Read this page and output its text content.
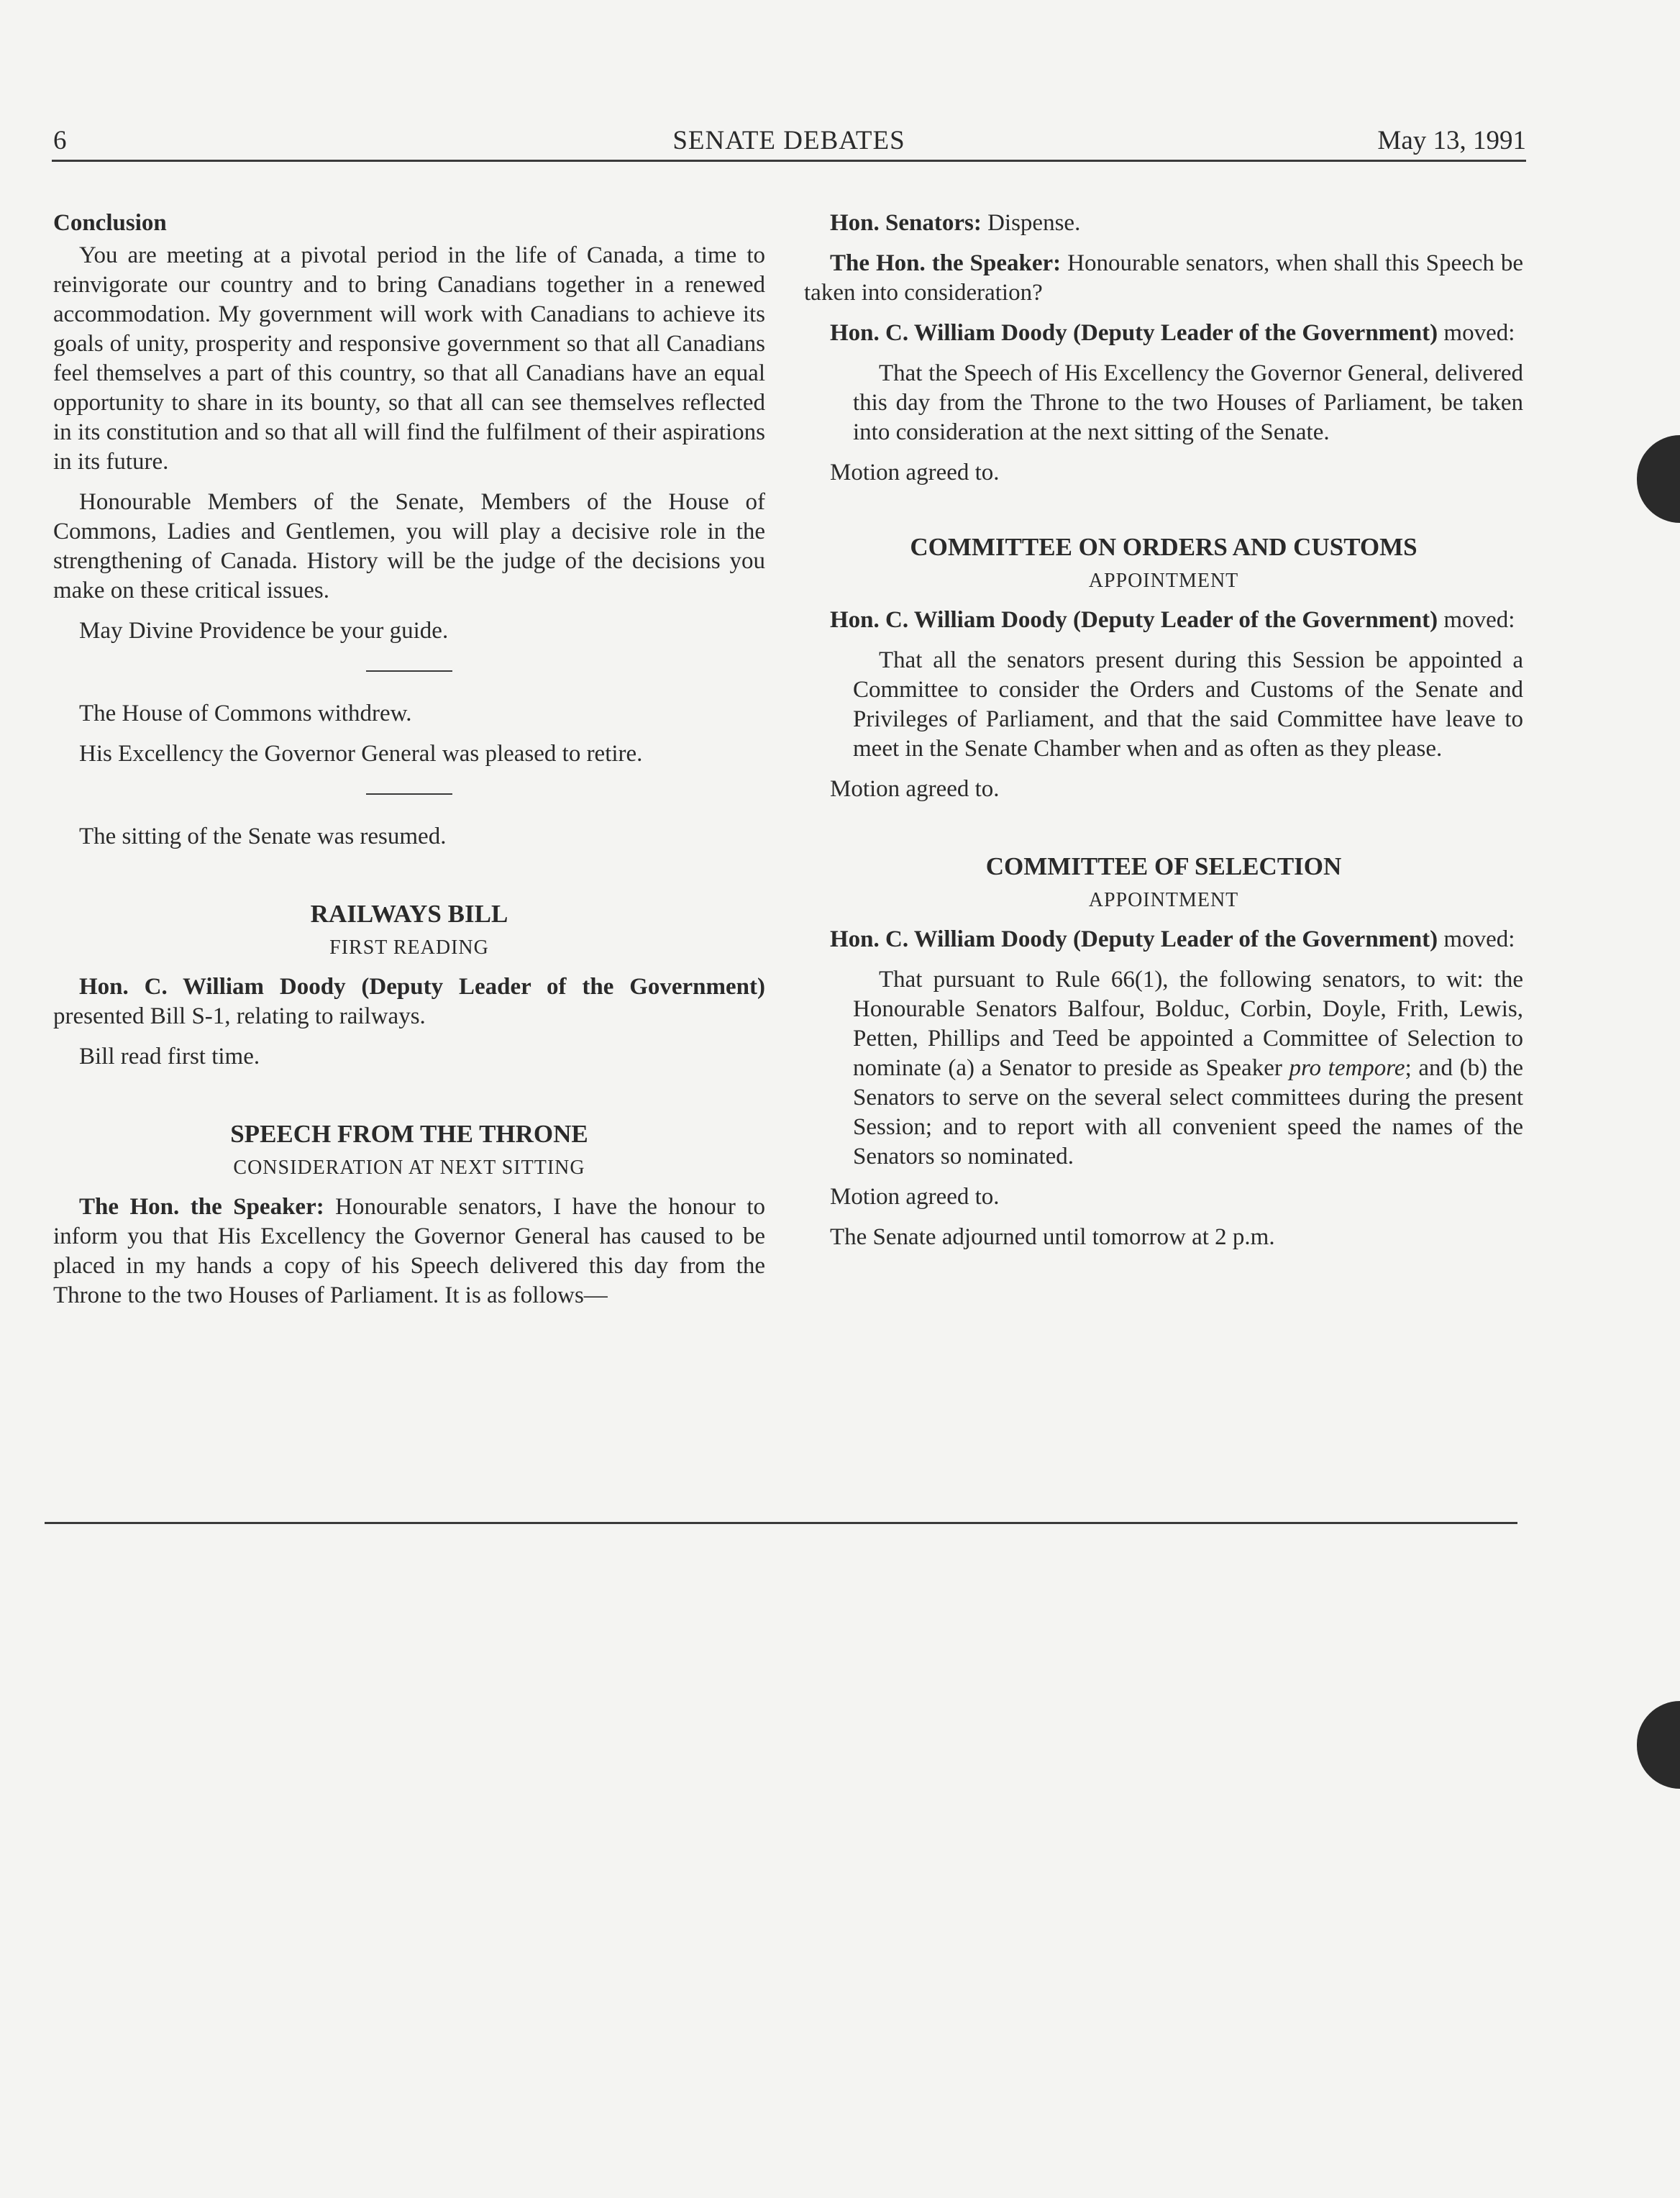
6	SENATE DEBATES	May 13, 1991

Conclusion

You are meeting at a pivotal period in the life of Canada, a time to reinvigorate our country and to bring Canadians together in a renewed accommodation. My government will work with Canadians to achieve its goals of unity, prosperity and responsive government so that all Canadians feel themselves a part of this country, so that all Canadians have an equal opportunity to share in its bounty, so that all can see themselves reflected in its constitution and so that all will find the fulfilment of their aspirations in its future.

Honourable Members of the Senate, Members of the House of Commons, Ladies and Gentlemen, you will play a decisive role in the strengthening of Canada. History will be the judge of the decisions you make on these critical issues.

May Divine Providence be your guide.

The House of Commons withdrew.

His Excellency the Governor General was pleased to retire.

The sitting of the Senate was resumed.

RAILWAYS BILL
FIRST READING

Hon. C. William Doody (Deputy Leader of the Government) presented Bill S-1, relating to railways.

Bill read first time.

SPEECH FROM THE THRONE
CONSIDERATION AT NEXT SITTING

The Hon. the Speaker: Honourable senators, I have the honour to inform you that His Excellency the Governor General has caused to be placed in my hands a copy of his Speech delivered this day from the Throne to the two Houses of Parliament. It is as follows—

Hon. Senators: Dispense.

The Hon. the Speaker: Honourable senators, when shall this Speech be taken into consideration?

Hon. C. William Doody (Deputy Leader of the Government) moved:

That the Speech of His Excellency the Governor General, delivered this day from the Throne to the two Houses of Parliament, be taken into consideration at the next sitting of the Senate.

Motion agreed to.

COMMITTEE ON ORDERS AND CUSTOMS
APPOINTMENT

Hon. C. William Doody (Deputy Leader of the Government) moved:

That all the senators present during this Session be appointed a Committee to consider the Orders and Customs of the Senate and Privileges of Parliament, and that the said Committee have leave to meet in the Senate Chamber when and as often as they please.

Motion agreed to.

COMMITTEE OF SELECTION
APPOINTMENT

Hon. C. William Doody (Deputy Leader of the Government) moved:

That pursuant to Rule 66(1), the following senators, to wit: the Honourable Senators Balfour, Bolduc, Corbin, Doyle, Frith, Lewis, Petten, Phillips and Teed be appointed a Committee of Selection to nominate (a) a Senator to preside as Speaker pro tempore; and (b) the Senators to serve on the several select committees during the present Session; and to report with all convenient speed the names of the Senators so nominated.

Motion agreed to.

The Senate adjourned until tomorrow at 2 p.m.
